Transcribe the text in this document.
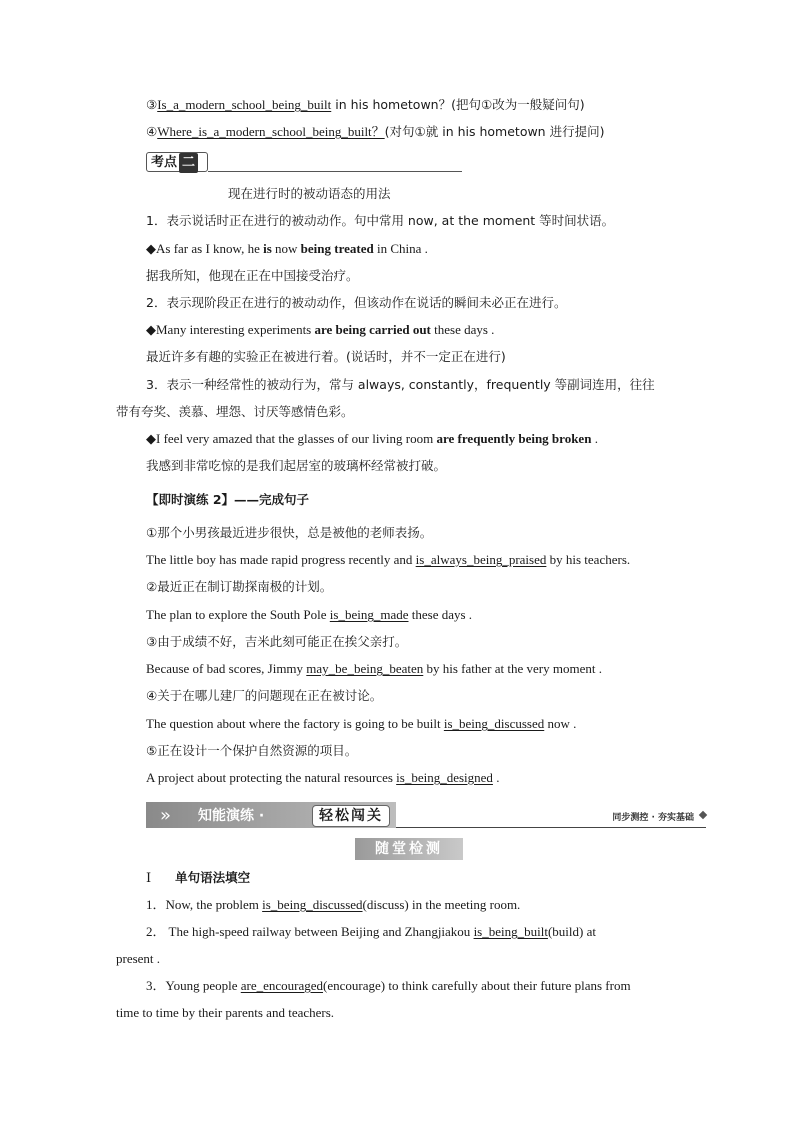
③Is_a_modern_school_being_built in his hometown？(把句①改为一般疑问句)
④Where_is_a_modern_school_being_built？(对句①就 in his hometown 进行提问)
考点 二
现在进行时的被动语态的用法
1．表示说话时正在进行的被动动作。句中常用 now, at the moment 等时间状语。
◆As far as I know, he is now being treated in China .
据我所知，他现在正在中国接受治疗。
2．表示现阶段正在进行的被动动作，但该动作在说话的瞬间未必正在进行。
◆Many interesting experiments are being carried out these days .
最近许多有趣的实验正在被进行着。(说话时，并不一定正在进行)
3．表示一种经常性的被动行为，常与 always, constantly，frequently 等副词连用，往往
带有夸奖、羡慕、埋怨、讨厌等感情色彩。
◆I feel very amazed that the glasses of our living room are frequently being broken .
我感到非常吃惊的是我们起居室的玻璃杯经常被打破。
【即时演练 2】——完成句子
①那个小男孩最近进步很快，总是被他的老师表扬。
The little boy has made rapid progress recently and is_always_being_praised by his teachers.
②最近正在制订勘探南极的计划。
The plan to explore the South Pole is_being_made these days .
③由于成绩不好，吉米此刻可能正在挨父亲打。
Because of bad scores, Jimmy may_be_being_beaten by his father at the very moment .
④关于在哪儿建厂的问题现在正在被讨论。
The question about where the factory is going to be built is_being_discussed now .
⑤正在设计一个保护自然资源的项目。
A project about protecting the natural resources is_being_designed .
» 知能演练 ·	轻松闯关	同步测控 · 夯实基础
随堂检测
Ⅰ 单句语法填空
1．Now, the problem is_being_discussed(discuss) in the meeting room.
2． The high-speed railway between Beijing and Zhangjiakou is_being_built(build) at
present .
3．Young people are_encouraged(encourage) to think carefully about their future plans from
time to time by their parents and teachers.
